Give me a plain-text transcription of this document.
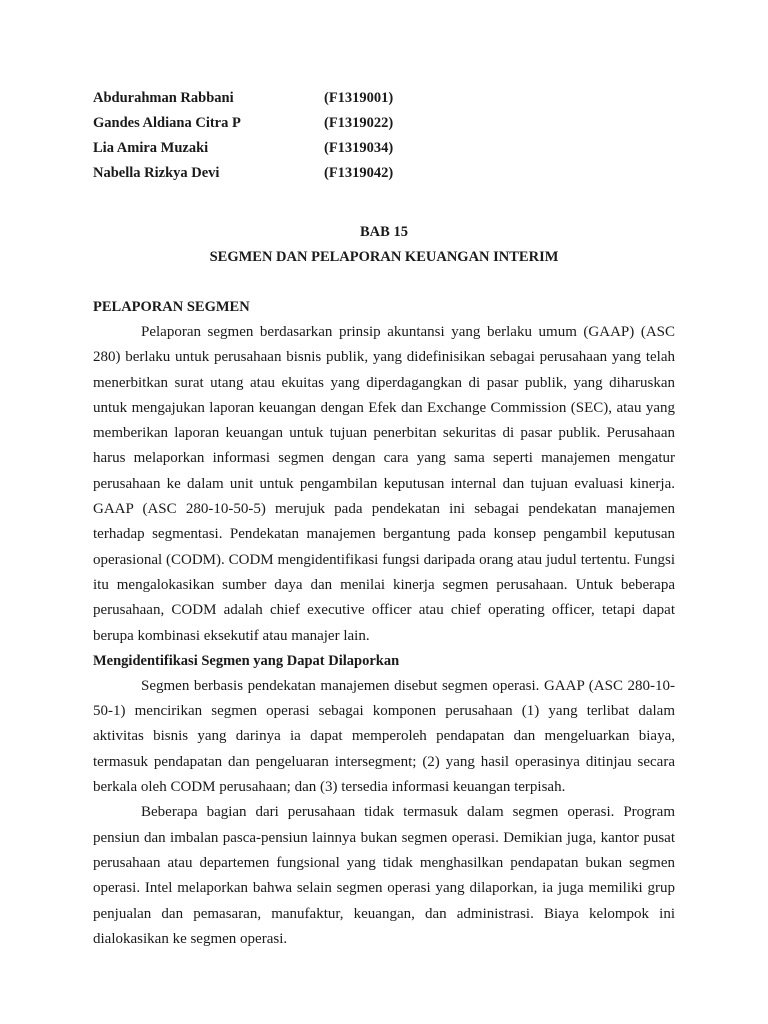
Abdurahman Rabbani	(F1319001)
Gandes Aldiana Citra P	(F1319022)
Lia Amira Muzaki	(F1319034)
Nabella Rizkya Devi	(F1319042)
BAB 15
SEGMEN DAN PELAPORAN KEUANGAN INTERIM
PELAPORAN SEGMEN

Pelaporan segmen berdasarkan prinsip akuntansi yang berlaku umum (GAAP) (ASC 280) berlaku untuk perusahaan bisnis publik, yang didefinisikan sebagai perusahaan yang telah menerbitkan surat utang atau ekuitas yang diperdagangkan di pasar publik, yang diharuskan untuk mengajukan laporan keuangan dengan Efek dan Exchange Commission (SEC), atau yang memberikan laporan keuangan untuk tujuan penerbitan sekuritas di pasar publik. Perusahaan harus melaporkan informasi segmen dengan cara yang sama seperti manajemen mengatur perusahaan ke dalam unit untuk pengambilan keputusan internal dan tujuan evaluasi kinerja. GAAP (ASC 280-10-50-5) merujuk pada pendekatan ini sebagai pendekatan manajemen terhadap segmentasi. Pendekatan manajemen bergantung pada konsep pengambil keputusan operasional (CODM). CODM mengidentifikasi fungsi daripada orang atau judul tertentu. Fungsi itu mengalokasikan sumber daya dan menilai kinerja segmen perusahaan. Untuk beberapa perusahaan, CODM adalah chief executive officer atau chief operating officer, tetapi dapat berupa kombinasi eksekutif atau manajer lain.

Mengidentifikasi Segmen yang Dapat Dilaporkan

Segmen berbasis pendekatan manajemen disebut segmen operasi. GAAP (ASC 280-10-50-1) mencirikan segmen operasi sebagai komponen perusahaan (1) yang terlibat dalam aktivitas bisnis yang darinya ia dapat memperoleh pendapatan dan mengeluarkan biaya, termasuk pendapatan dan pengeluaran intersegment; (2) yang hasil operasinya ditinjau secara berkala oleh CODM perusahaan; dan (3) tersedia informasi keuangan terpisah.

Beberapa bagian dari perusahaan tidak termasuk dalam segmen operasi. Program pensiun dan imbalan pasca-pensiun lainnya bukan segmen operasi. Demikian juga, kantor pusat perusahaan atau departemen fungsional yang tidak menghasilkan pendapatan bukan segmen operasi. Intel melaporkan bahwa selain segmen operasi yang dilaporkan, ia juga memiliki grup penjualan dan pemasaran, manufaktur, keuangan, dan administrasi. Biaya kelompok ini dialokasikan ke segmen operasi.
